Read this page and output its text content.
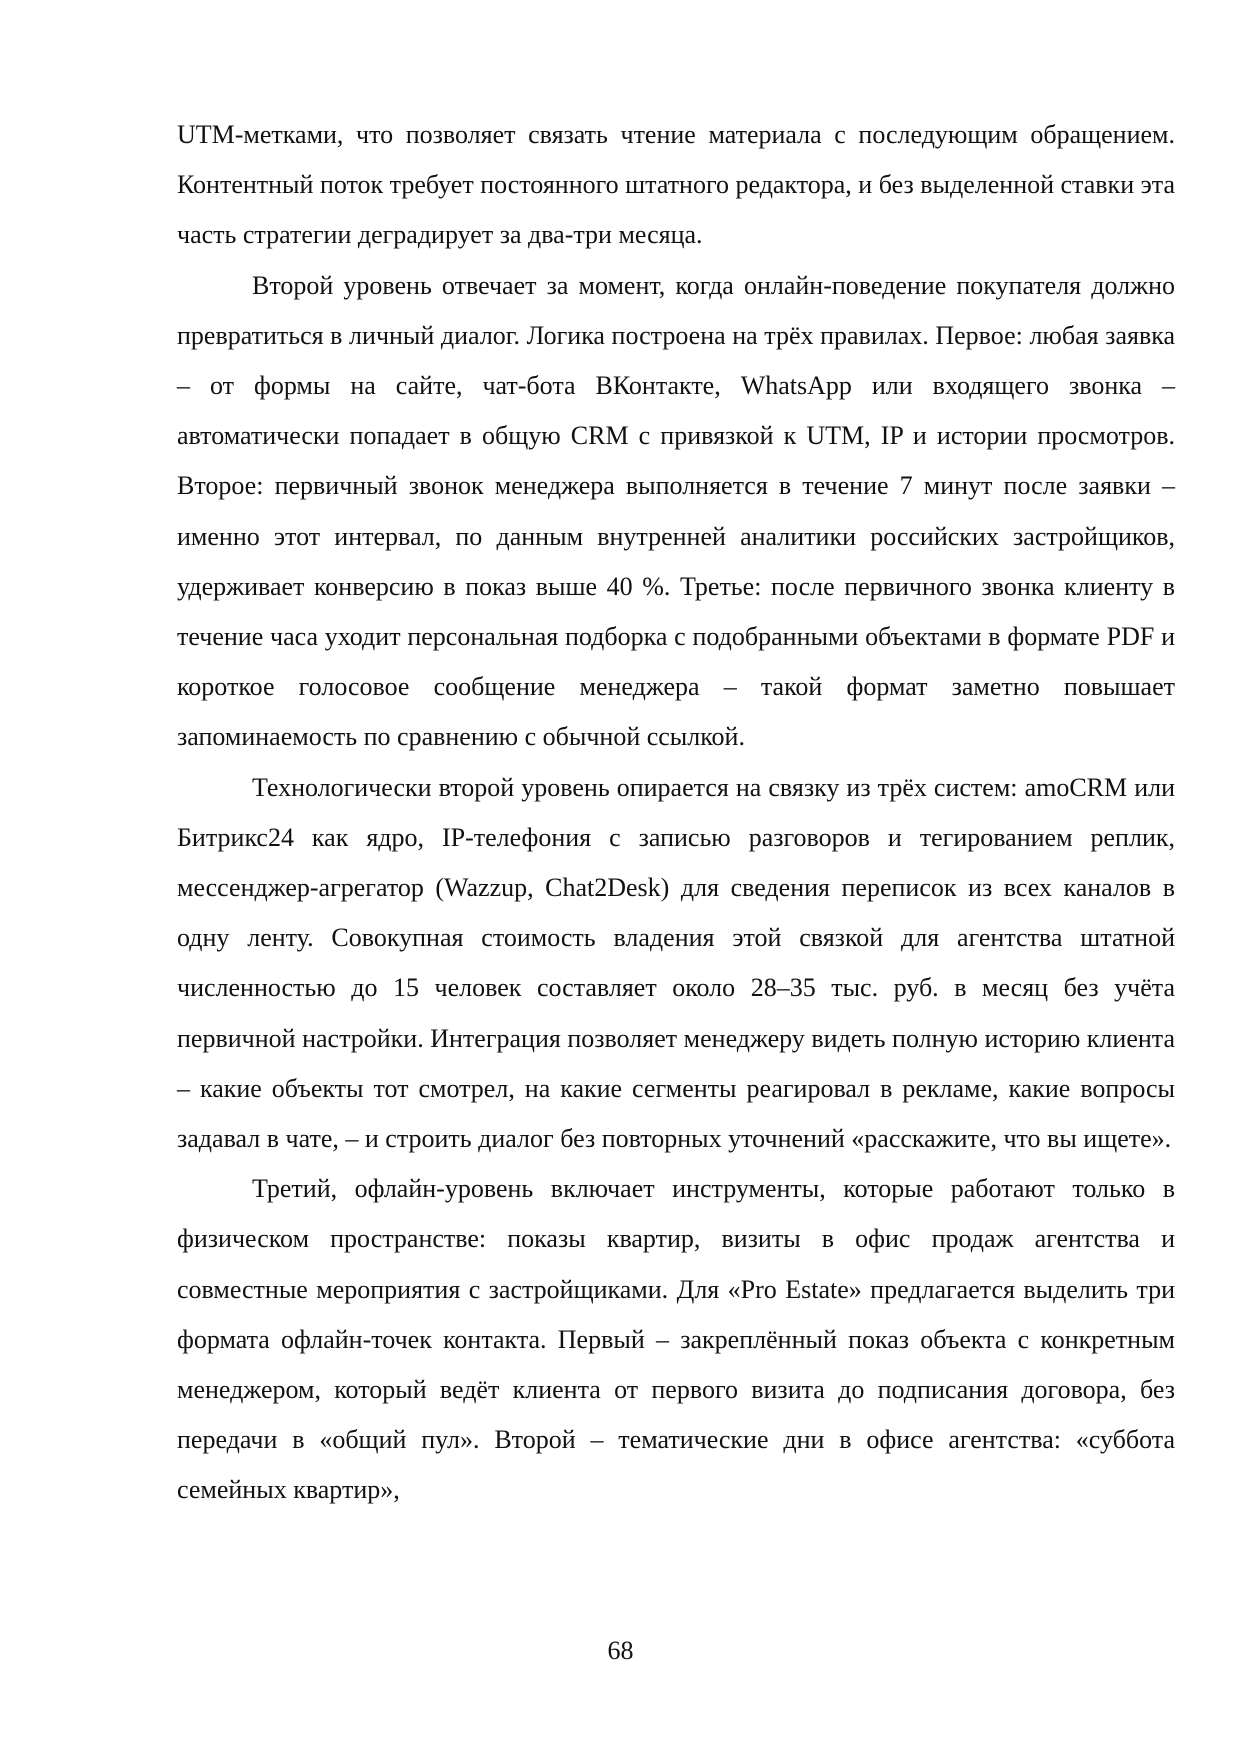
UTM-метками, что позволяет связать чтение материала с последующим обращением. Контентный поток требует постоянного штатного редактора, и без выделенной ставки эта часть стратегии деградирует за два-три месяца.

Второй уровень отвечает за момент, когда онлайн-поведение покупателя должно превратиться в личный диалог. Логика построена на трёх правилах. Первое: любая заявка – от формы на сайте, чат-бота ВКонтакте, WhatsApp или входящего звонка – автоматически попадает в общую CRM с привязкой к UTM, IP и истории просмотров. Второе: первичный звонок менеджера выполняется в течение 7 минут после заявки – именно этот интервал, по данным внутренней аналитики российских застройщиков, удерживает конверсию в показ выше 40 %. Третье: после первичного звонка клиенту в течение часа уходит персональная подборка с подобранными объектами в формате PDF и короткое голосовое сообщение менеджера – такой формат заметно повышает запоминаемость по сравнению с обычной ссылкой.

Технологически второй уровень опирается на связку из трёх систем: amoCRM или Битрикс24 как ядро, IP-телефония с записью разговоров и тегированием реплик, мессенджер-агрегатор (Wazzup, Chat2Desk) для сведения переписок из всех каналов в одну ленту. Совокупная стоимость владения этой связкой для агентства штатной численностью до 15 человек составляет около 28–35 тыс. руб. в месяц без учёта первичной настройки. Интеграция позволяет менеджеру видеть полную историю клиента – какие объекты тот смотрел, на какие сегменты реагировал в рекламе, какие вопросы задавал в чате, – и строить диалог без повторных уточнений «расскажите, что вы ищете».

Третий, офлайн-уровень включает инструменты, которые работают только в физическом пространстве: показы квартир, визиты в офис продаж агентства и совместные мероприятия с застройщиками. Для «Pro Estate» предлагается выделить три формата офлайн-точек контакта. Первый – закреплённый показ объекта с конкретным менеджером, который ведёт клиента от первого визита до подписания договора, без передачи в «общий пул». Второй – тематические дни в офисе агентства: «суббота семейных квартир»,

68
